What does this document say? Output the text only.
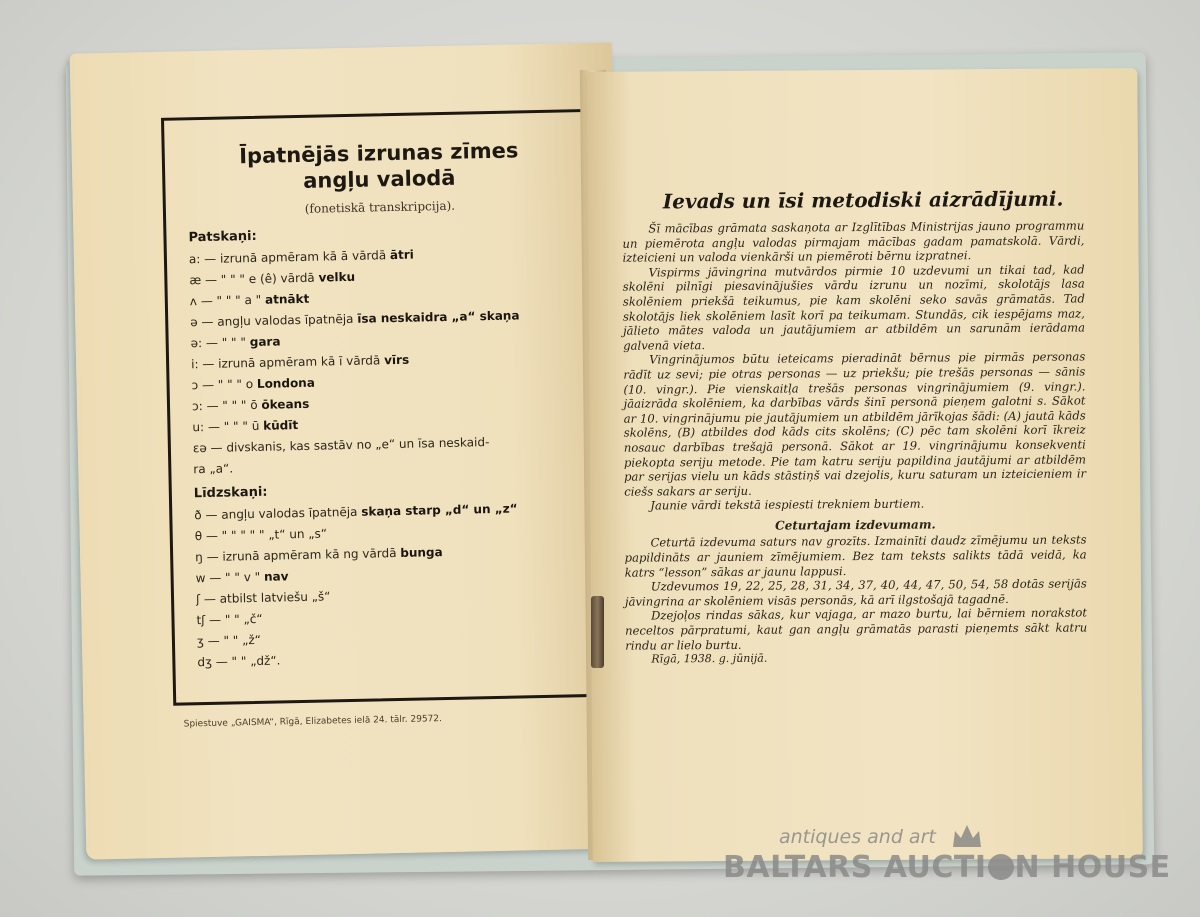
Īpatnējās izrunas zīmes
angļu valodā
(fonetiskā transkripcija).
Patskaņi:
a: — izrunā apmēram kā ā vārdā ātri
æ — " " " e (ê) vārdā velku
ʌ — " " " a " atnākt
ə — angļu valodas īpatnēja īsa neskaidra „a“ skaņa
ə: — " " " gara
i: — izrunā apmēram kā ī vārdā vīrs
ɔ — " " " o Londona
ɔ: — " " " ō ōkeans
u: — " " " ū kūdīt
ɛə — divskanis, kas sastāv no „e“ un īsa neskaid-
ra „a“.
Līdzskaņi:
ð — angļu valodas īpatnēja skaņa starp „d“ un „z“
θ — " " " " " „t“ un „s“
ŋ — izrunā apmēram kā ng vārdā bunga
w — " " v " nav
ʃ — atbilst latviešu „š“
tʃ — " " „č“
ʒ — " " „ž“
dʒ — " " „dž“.
Spiestuve „GAISMA“, Rīgā, Elizabetes ielā 24. tālr. 29572.
Ievads un īsi metodiski aizrādījumi.

Šī mācības grāmata saskaņota ar Izglītības Ministrijas jauno programmu un piemērota angļu valodas pirmajam mācības gadam pamatskolā. Vārdi, izteicieni un valoda vienkārši un piemēroti bērnu izpratnei.

Vispirms jāvingrina mutvārdos pirmie 10 uzdevumi un tikai tad, kad skolēni pilnīgi piesavinājušies vārdu izrunu un nozīmi, skolotājs lasa skolēniem priekšā teikumus, pie kam skolēni seko savās grāmatās. Tad skolotājs liek skolēniem lasīt korī pa teikumam. Stundās, cik iespējams maz, jālieto mātes valoda un jautājumiem ar atbildēm un sarunām ierādama galvenā vieta.

Vingrinājumos būtu ieteicams pieradināt bērnus pie pirmās personas rādīt uz sevi; pie otras personas — uz priekšu; pie trešās personas — sānis (10. vingr.). Pie vienskaitļa trešās personas vingrinājumiem (9. vingr.). jāaizrāda skolēniem, ka darbības vārds šinī personā pieņem galotni s. Sākot ar 10. vingrinājumu pie jautājumiem un atbildēm jārīkojas šādi: (A) jautā kāds skolēns, (B) atbildes dod kāds cits skolēns; (C) pēc tam skolēni korī īkreiz nosauc darbības trešajā personā. Sākot ar 19. vingrinājumu konsekventi piekopta seriju metode. Pie tam katru seriju papildina jautājumi ar atbildēm par serijas vielu un kāds stāstiņš vai dzejolis, kuru saturam un izteicieniem ir ciešs sakars ar seriju.

Jaunie vārdi tekstā iespiesti trekniem burtiem.

Ceturtajam izdevumam.

Ceturtā izdevuma saturs nav grozīts. Izmainīti daudz zīmējumu un teksts papildināts ar jauniem zīmējumiem. Bez tam teksts salikts tādā veidā, ka katrs “lesson” sākas ar jaunu lappusi.

Uzdevumos 19, 22, 25, 28, 31, 34, 37, 40, 44, 47, 50, 54, 58 dotās serijās jāvingrina ar skolēniem visās personās, kā arī ilgstošajā tagadnē.

Dzejoļos rindas sākas, kur vajaga, ar mazo burtu, lai bērniem norakstot neceltos pārpratumi, kaut gan angļu grāmatās parasti pieņemts sākt katru rindu ar lielo burtu.

Rīgā, 1938. g. jūnijā.

antiques and art
BALTARS AUCTI N HOUSE
